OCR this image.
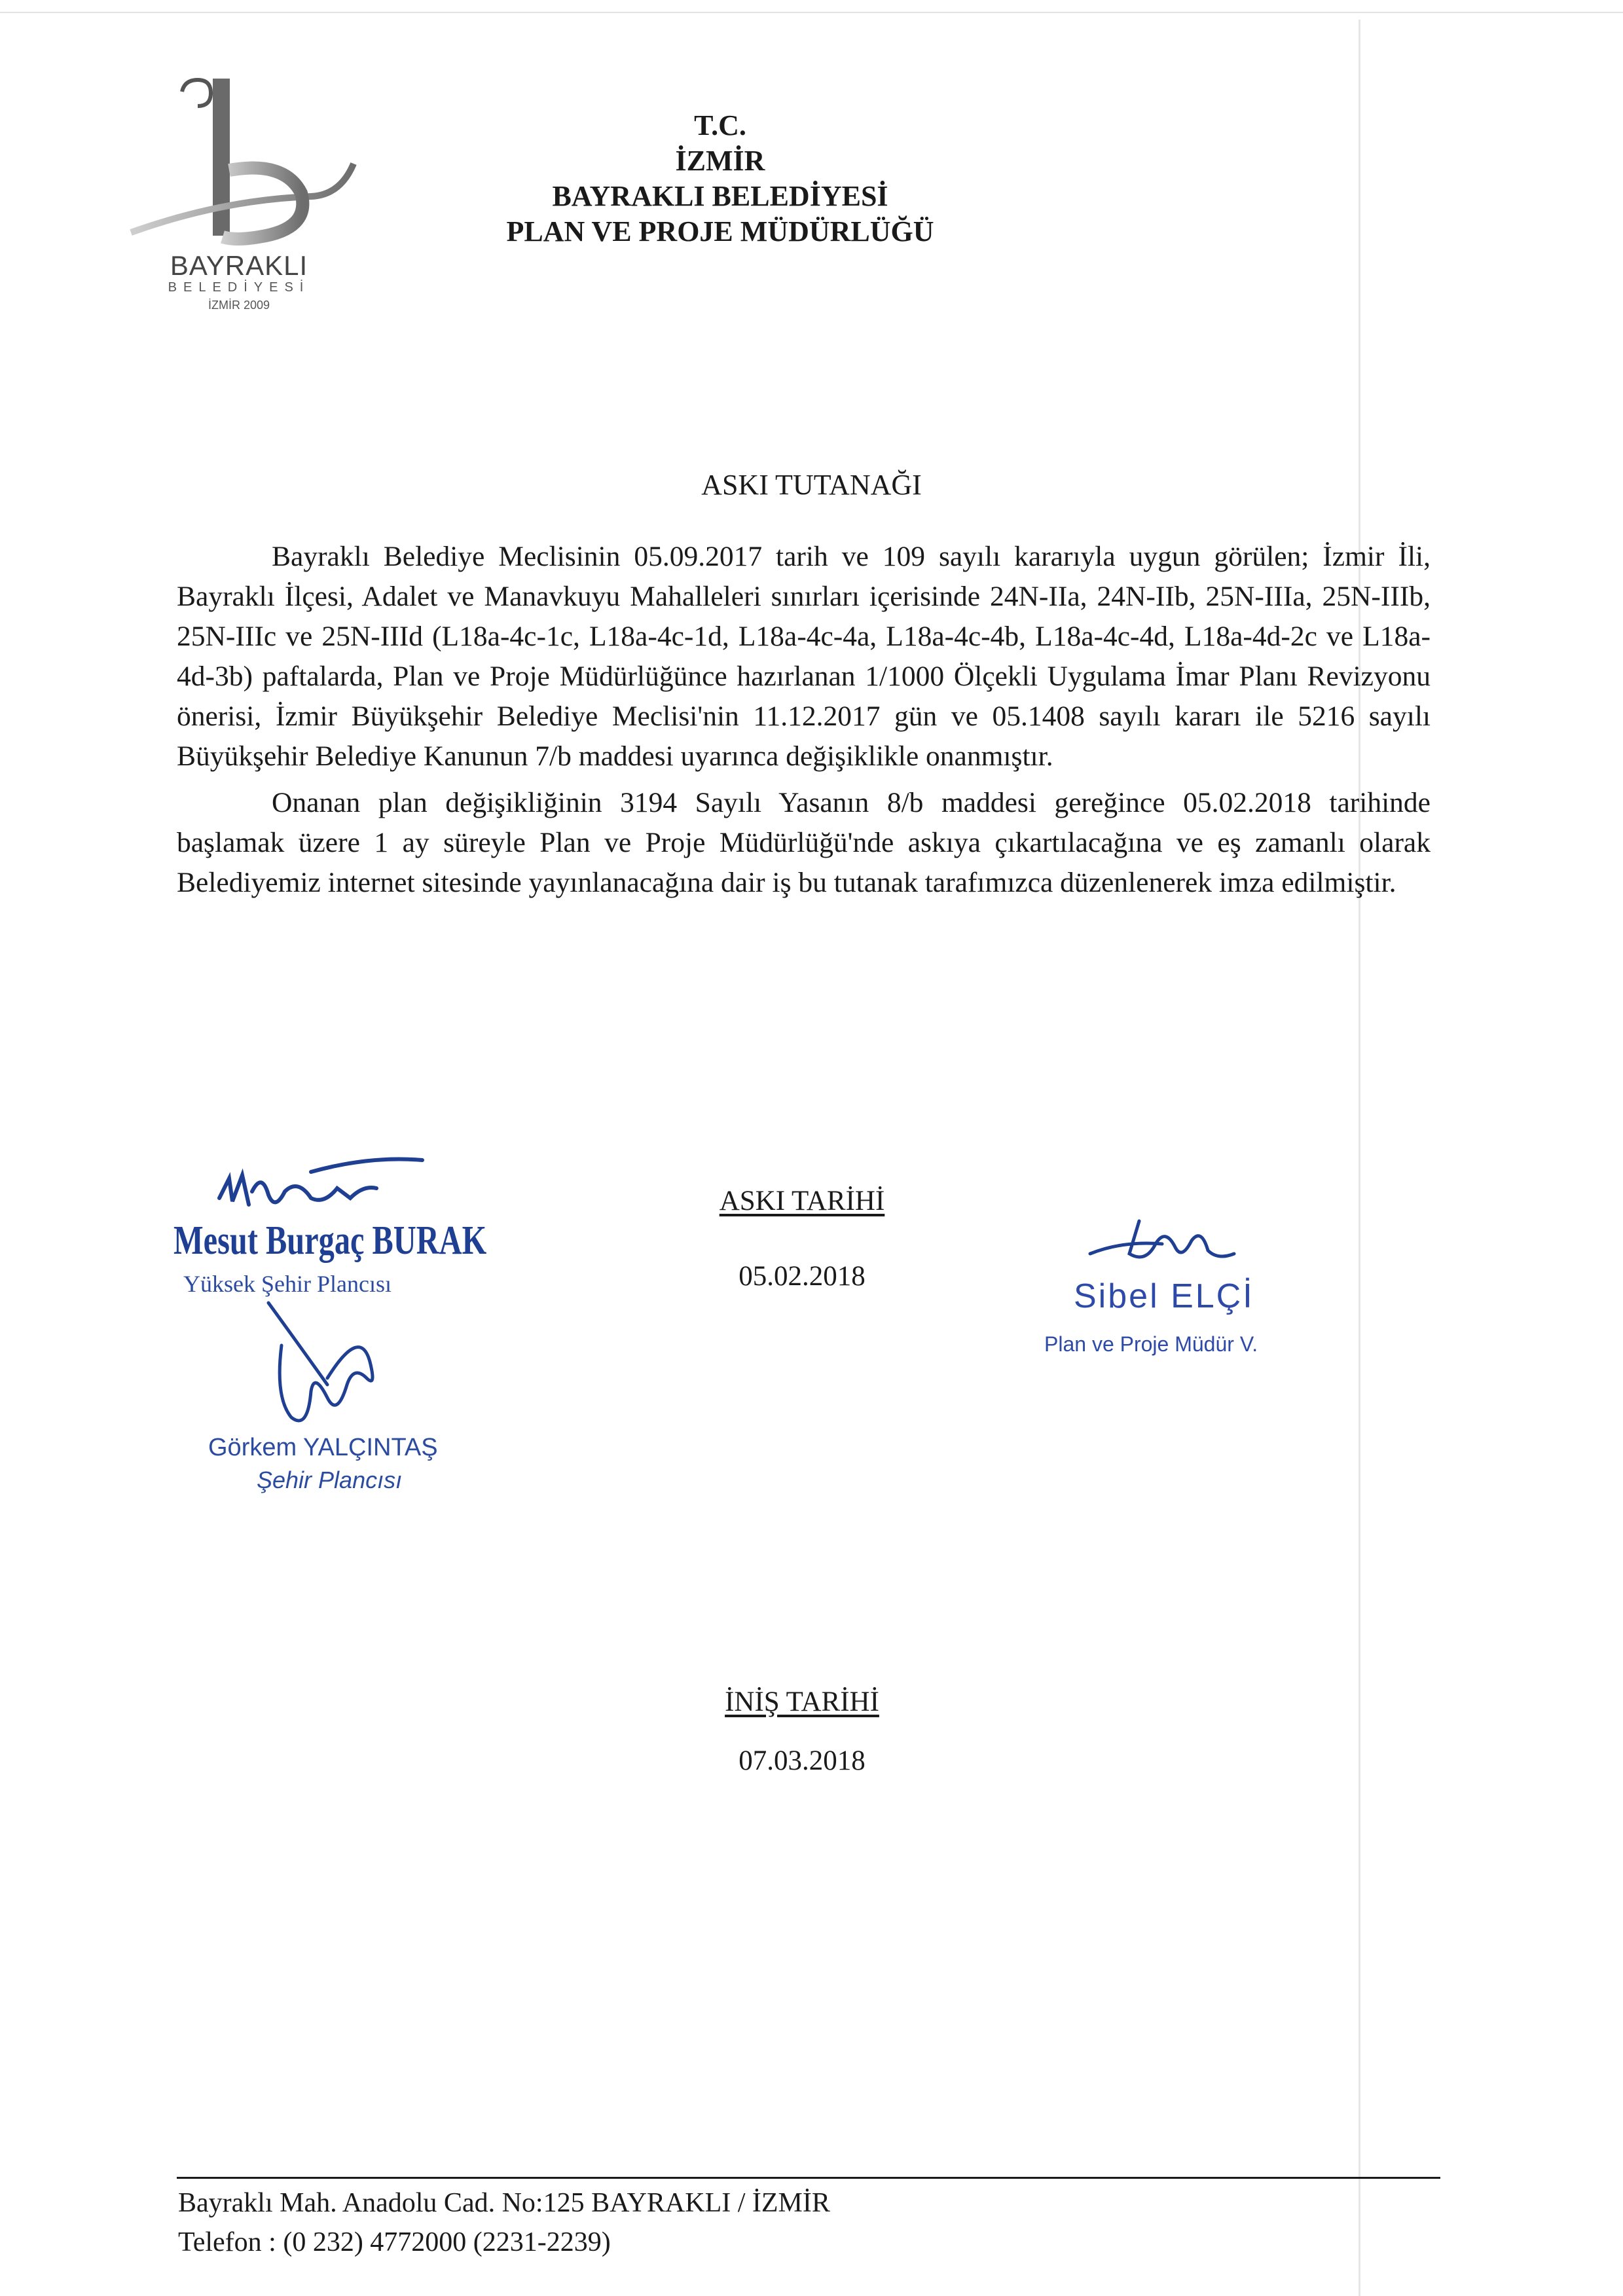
BAYRAKLI
BELEDİYESİ
İZMİR 2009
T.C.
İZMİR
BAYRAKLI BELEDİYESİ
PLAN VE PROJE MÜDÜRLÜĞÜ
ASKI TUTANAĞI

Bayraklı Belediye Meclisinin 05.09.2017 tarih ve 109 sayılı kararıyla uygun görülen; İzmir İli, Bayraklı İlçesi, Adalet ve Manavkuyu Mahalleleri sınırları içerisinde 24N-IIa, 24N-IIb, 25N-IIIa, 25N-IIIb, 25N-IIIc ve 25N-IIId (L18a-4c-1c, L18a-4c-1d, L18a-4c-4a, L18a-4c-4b, L18a-4c-4d, L18a-4d-2c ve L18a-4d-3b) paftalarda, Plan ve Proje Müdürlüğünce hazırlanan 1/1000 Ölçekli Uygulama İmar Planı Revizyonu önerisi, İzmir Büyükşehir Belediye Meclisi'nin 11.12.2017 gün ve 05.1408 sayılı kararı ile 5216 sayılı Büyükşehir Belediye Kanunun 7/b maddesi uyarınca değişiklikle onanmıştır.

Onanan plan değişikliğinin 3194 Sayılı Yasanın 8/b maddesi gereğince 05.02.2018 tarihinde başlamak üzere 1 ay süreyle Plan ve Proje Müdürlüğü'nde askıya çıkartılacağına ve eş zamanlı olarak Belediyemiz internet sitesinde yayınlanacağına dair iş bu tutanak tarafımızca düzenlenerek imza edilmiştir.

Mesut Burgaç BURAK
Yüksek Şehir Plancısı
Görkem YALÇINTAŞ
Şehir Plancısı
Sibel ELÇİ
Plan ve Proje Müdür V.
ASKI TARİHİ
05.02.2018
İNİŞ TARİHİ
07.03.2018
Bayraklı Mah. Anadolu Cad. No:125 BAYRAKLI / İZMİR
Telefon : (0 232) 4772000 (2231-2239)
